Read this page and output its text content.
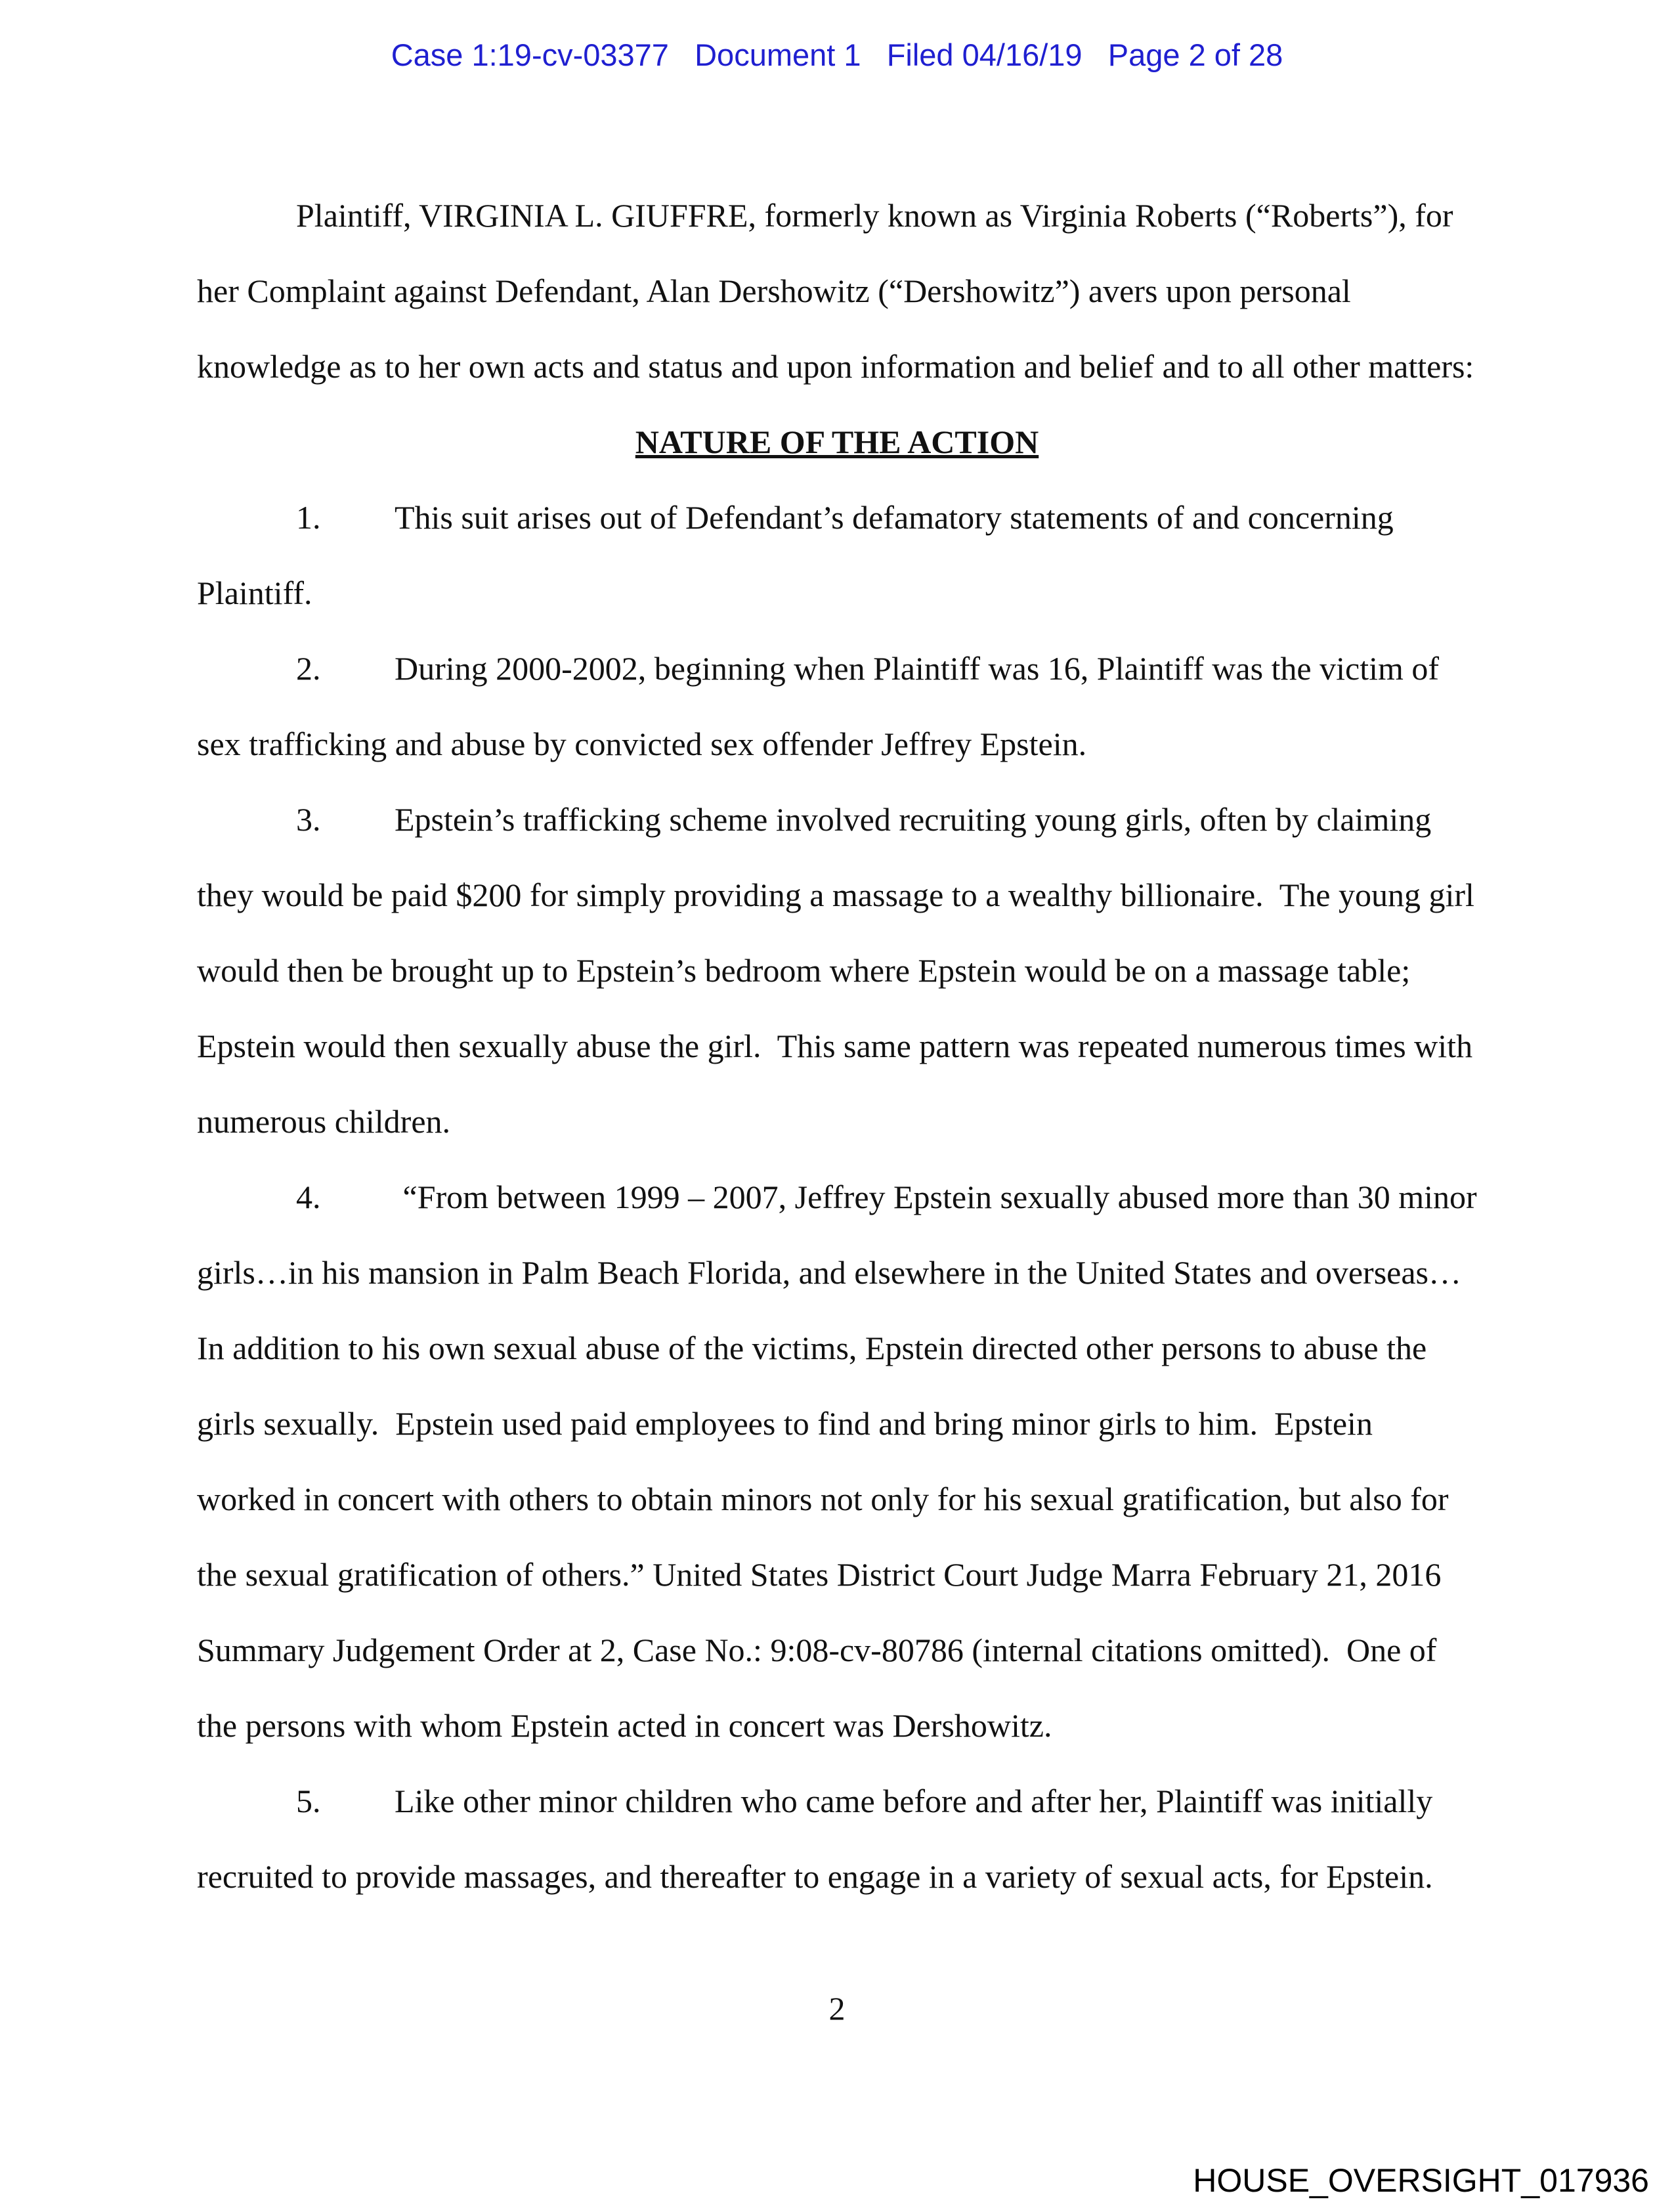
Case 1:19-cv-03377   Document 1   Filed 04/16/19   Page 2 of 28
Plaintiff, VIRGINIA L. GIUFFRE, formerly known as Virginia Roberts (“Roberts”), for
her Complaint against Defendant, Alan Dershowitz (“Dershowitz”) avers upon personal
knowledge as to her own acts and status and upon information and belief and to all other matters:
NATURE OF THE ACTION
1.	This suit arises out of Defendant’s defamatory statements of and concerning
Plaintiff.
2.	During 2000-2002, beginning when Plaintiff was 16, Plaintiff was the victim of
sex trafficking and abuse by convicted sex offender Jeffrey Epstein.
3.	Epstein’s trafficking scheme involved recruiting young girls, often by claiming
they would be paid $200 for simply providing a massage to a wealthy billionaire.  The young girl
would then be brought up to Epstein’s bedroom where Epstein would be on a massage table;
Epstein would then sexually abuse the girl.  This same pattern was repeated numerous times with
numerous children.
4.	“From between 1999 – 2007, Jeffrey Epstein sexually abused more than 30 minor
girls…in his mansion in Palm Beach Florida, and elsewhere in the United States and overseas…
In addition to his own sexual abuse of the victims, Epstein directed other persons to abuse the
girls sexually.  Epstein used paid employees to find and bring minor girls to him.  Epstein
worked in concert with others to obtain minors not only for his sexual gratification, but also for
the sexual gratification of others.” United States District Court Judge Marra February 21, 2016
Summary Judgement Order at 2, Case No.: 9:08-cv-80786 (internal citations omitted).  One of
the persons with whom Epstein acted in concert was Dershowitz.
5.	Like other minor children who came before and after her, Plaintiff was initially
recruited to provide massages, and thereafter to engage in a variety of sexual acts, for Epstein.
2
HOUSE_OVERSIGHT_017936
